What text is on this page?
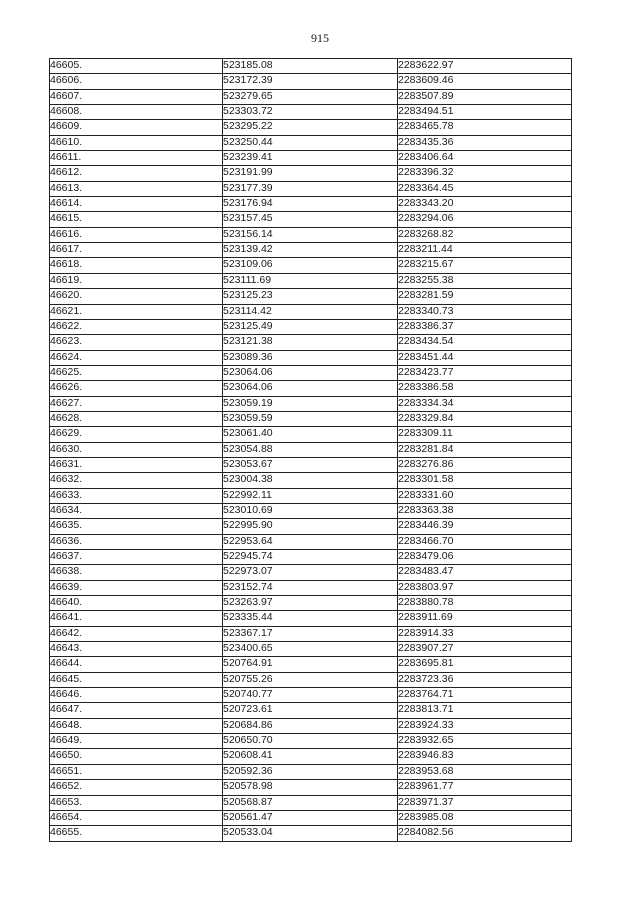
915
46605.	523185.08	2283622.97
46606.	523172.39	2283609.46
46607.	523279.65	2283507.89
46608.	523303.72	2283494.51
46609.	523295.22	2283465.78
46610.	523250.44	2283435.36
46611.	523239.41	2283406.64
46612.	523191.99	2283396.32
46613.	523177.39	2283364.45
46614.	523176.94	2283343.20
46615.	523157.45	2283294.06
46616.	523156.14	2283268.82
46617.	523139.42	2283211.44
46618.	523109.06	2283215.67
46619.	523111.69	2283255.38
46620.	523125.23	2283281.59
46621.	523114.42	2283340.73
46622.	523125.49	2283386.37
46623.	523121.38	2283434.54
46624.	523089.36	2283451.44
46625.	523064.06	2283423.77
46626.	523064.06	2283386.58
46627.	523059.19	2283334.34
46628.	523059.59	2283329.84
46629.	523061.40	2283309.11
46630.	523054.88	2283281.84
46631.	523053.67	2283276.86
46632.	523004.38	2283301.58
46633.	522992.11	2283331.60
46634.	523010.69	2283363.38
46635.	522995.90	2283446.39
46636.	522953.64	2283466.70
46637.	522945.74	2283479.06
46638.	522973.07	2283483.47
46639.	523152.74	2283803.97
46640.	523263.97	2283880.78
46641.	523335.44	2283911.69
46642.	523367.17	2283914.33
46643.	523400.65	2283907.27
46644.	520764.91	2283695.81
46645.	520755.26	2283723.36
46646.	520740.77	2283764.71
46647.	520723.61	2283813.71
46648.	520684.86	2283924.33
46649.	520650.70	2283932.65
46650.	520608.41	2283946.83
46651.	520592.36	2283953.68
46652.	520578.98	2283961.77
46653.	520568.87	2283971.37
46654.	520561.47	2283985.08
46655.	520533.04	2284082.56
